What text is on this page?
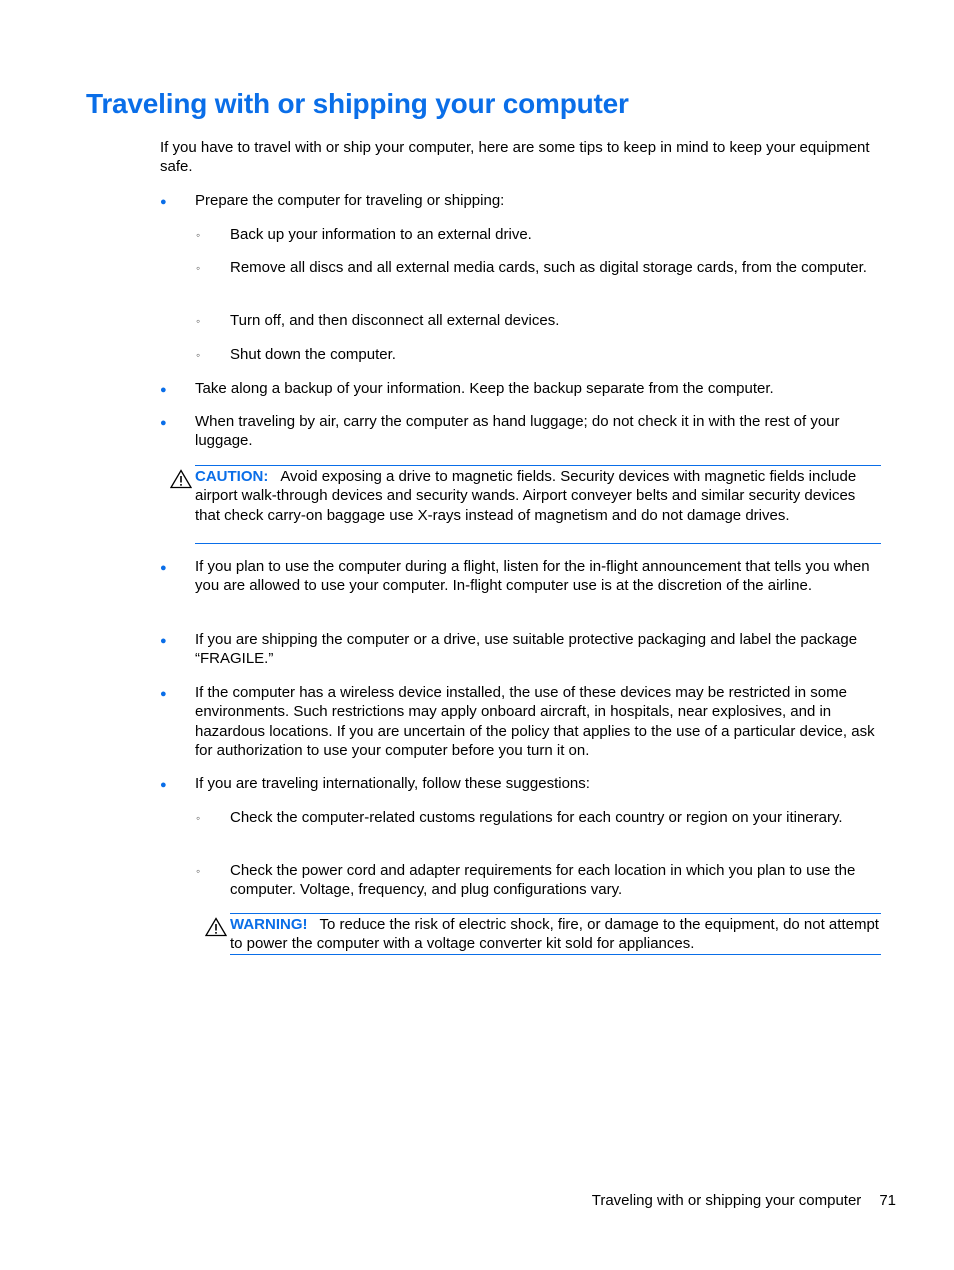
Traveling with or shipping your computer
If you have to travel with or ship your computer, here are some tips to keep in mind to keep your equipment safe.
● Prepare the computer for traveling or shipping:
◦ Back up your information to an external drive.
◦ Remove all discs and all external media cards, such as digital storage cards, from the computer.
◦ Turn off, and then disconnect all external devices.
◦ Shut down the computer.
● Take along a backup of your information. Keep the backup separate from the computer.
● When traveling by air, carry the computer as hand luggage; do not check it in with the rest of your luggage.
CAUTION: Avoid exposing a drive to magnetic fields. Security devices with magnetic fields include airport walk-through devices and security wands. Airport conveyer belts and similar security devices that check carry-on baggage use X-rays instead of magnetism and do not damage drives.
● If you plan to use the computer during a flight, listen for the in-flight announcement that tells you when you are allowed to use your computer. In-flight computer use is at the discretion of the airline.
● If you are shipping the computer or a drive, use suitable protective packaging and label the package “FRAGILE.”
● If the computer has a wireless device installed, the use of these devices may be restricted in some environments. Such restrictions may apply onboard aircraft, in hospitals, near explosives, and in hazardous locations. If you are uncertain of the policy that applies to the use of a particular device, ask for authorization to use your computer before you turn it on.
● If you are traveling internationally, follow these suggestions:
◦ Check the computer-related customs regulations for each country or region on your itinerary.
◦ Check the power cord and adapter requirements for each location in which you plan to use the computer. Voltage, frequency, and plug configurations vary.
WARNING! To reduce the risk of electric shock, fire, or damage to the equipment, do not attempt to power the computer with a voltage converter kit sold for appliances.
Traveling with or shipping your computer 71
